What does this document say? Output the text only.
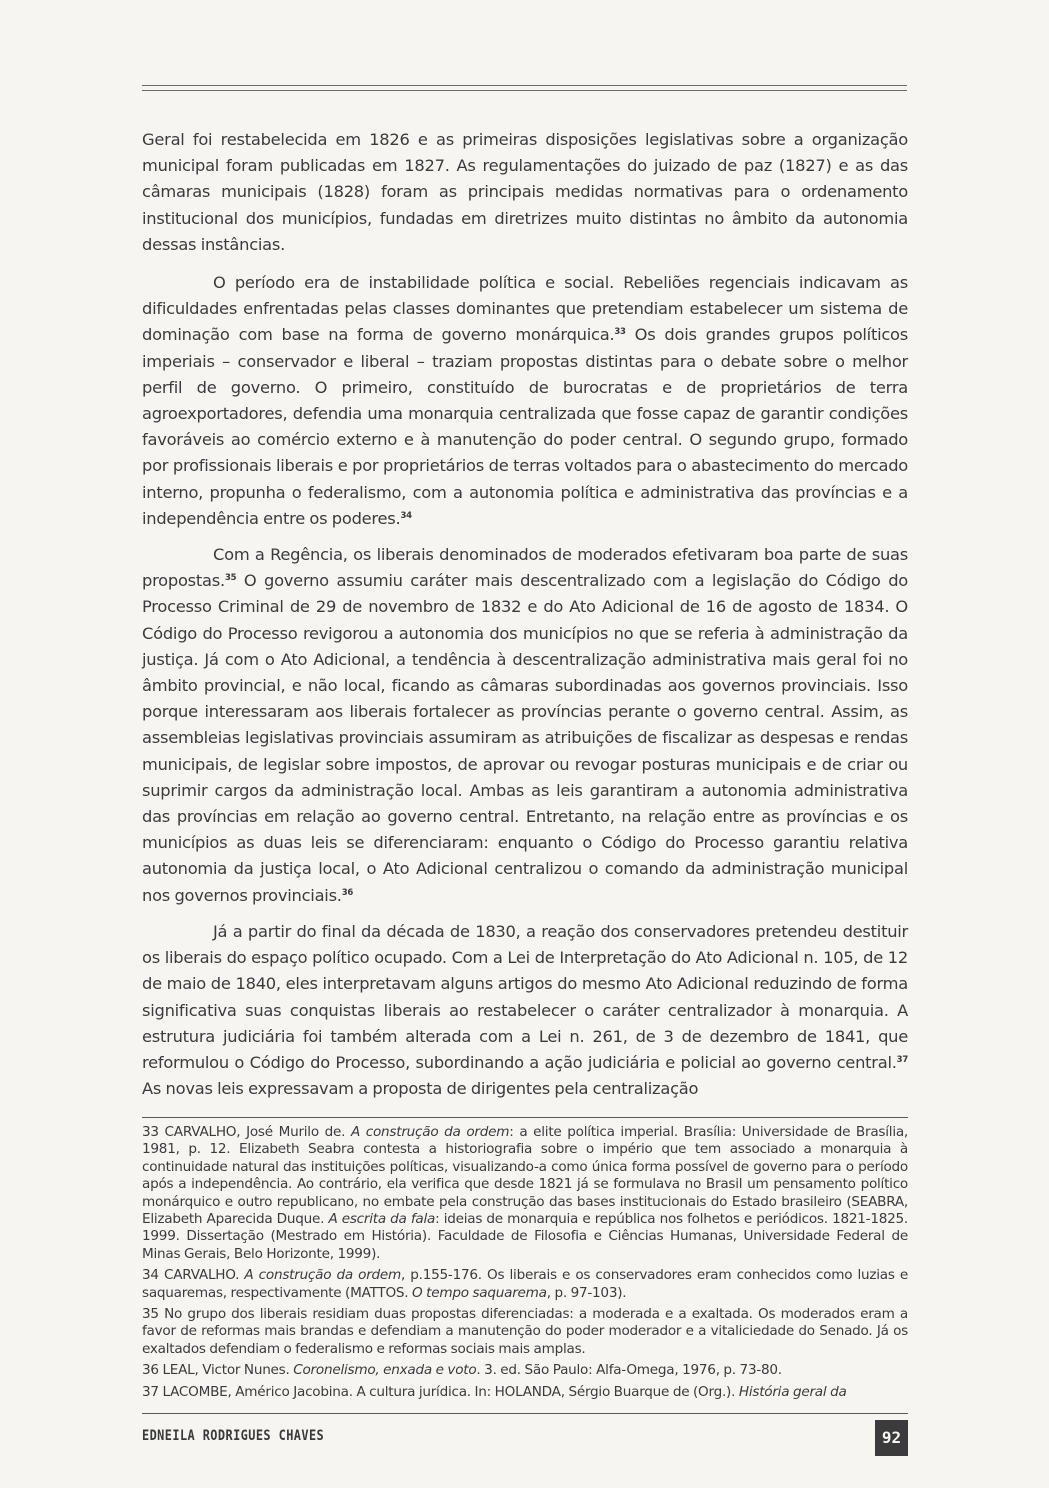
Geral foi restabelecida em 1826 e as primeiras disposições legislativas sobre a organização municipal foram publicadas em 1827. As regulamentações do juizado de paz (1827) e as das câmaras municipais (1828) foram as principais medidas normativas para o ordenamento institucional dos municípios, fundadas em diretrizes muito distintas no âmbito da autonomia dessas instâncias.

O período era de instabilidade política e social. Rebeliões regenciais indicavam as dificuldades enfrentadas pelas classes dominantes que pretendiam estabelecer um sistema de dominação com base na forma de governo monárquica.$^{33}$ Os dois grandes grupos políticos imperiais – conservador e liberal – traziam propostas distintas para o debate sobre o melhor perfil de governo. O primeiro, constituído de burocratas e de proprietários de terra agroexportadores, defendia uma monarquia centralizada que fosse capaz de garantir condições favoráveis ao comércio externo e à manutenção do poder central. O segundo grupo, formado por profissionais liberais e por proprietários de terras voltados para o abastecimento do mercado interno, propunha o federalismo, com a autonomia política e administrativa das províncias e a independência entre os poderes.$^{34}$

Com a Regência, os liberais denominados de moderados efetivaram boa parte de suas propostas.$^{35}$ O governo assumiu caráter mais descentralizado com a legislação do Código do Processo Criminal de 29 de novembro de 1832 e do Ato Adicional de 16 de agosto de 1834. O Código do Processo revigorou a autonomia dos municípios no que se referia à administração da justiça. Já com o Ato Adicional, a tendência à descentralização administrativa mais geral foi no âmbito provincial, e não local, ficando as câmaras subordinadas aos governos provinciais. Isso porque interessaram aos liberais fortalecer as províncias perante o governo central. Assim, as assembleias legislativas provinciais assumiram as atribuições de fiscalizar as despesas e rendas municipais, de legislar sobre impostos, de aprovar ou revogar posturas municipais e de criar ou suprimir cargos da administração local. Ambas as leis garantiram a autonomia administrativa das províncias em relação ao governo central. Entretanto, na relação entre as províncias e os municípios as duas leis se diferenciaram: enquanto o Código do Processo garantiu relativa autonomia da justiça local, o Ato Adicional centralizou o comando da administração municipal nos governos provinciais.$^{36}$

Já a partir do final da década de 1830, a reação dos conservadores pretendeu destituir os liberais do espaço político ocupado. Com a Lei de Interpretação do Ato Adicional n. 105, de 12 de maio de 1840, eles interpretavam alguns artigos do mesmo Ato Adicional reduzindo de forma significativa suas conquistas liberais ao restabelecer o caráter centralizador à monarquia. A estrutura judiciária foi também alterada com a Lei n. 261, de 3 de dezembro de 1841, que reformulou o Código do Processo, subordinando a ação judiciária e policial ao governo central.$^{37}$ As novas leis expressavam a proposta de dirigentes pela centralização

33 CARVALHO, José Murilo de. A construção da ordem: a elite política imperial. Brasília: Universidade de Brasília, 1981, p. 12. Elizabeth Seabra contesta a historiografia sobre o império que tem associado a monarquia à continuidade natural das instituições políticas, visualizando-a como única forma possível de governo para o período após a independência. Ao contrário, ela verifica que desde 1821 já se formulava no Brasil um pensamento político monárquico e outro republicano, no embate pela construção das bases institucionais do Estado brasileiro (SEABRA, Elizabeth Aparecida Duque. A escrita da fala: ideias de monarquia e república nos folhetos e periódicos. 1821-1825. 1999. Dissertação (Mestrado em História). Faculdade de Filosofia e Ciências Humanas, Universidade Federal de Minas Gerais, Belo Horizonte, 1999).

34 CARVALHO. A construção da ordem, p.155-176. Os liberais e os conservadores eram conhecidos como luzias e saquaremas, respectivamente (MATTOS. O tempo saquarema, p. 97-103).

35 No grupo dos liberais residiam duas propostas diferenciadas: a moderada e a exaltada. Os moderados eram a favor de reformas mais brandas e defendiam a manutenção do poder moderador e a vitaliciedade do Senado. Já os exaltados defendiam o federalismo e reformas sociais mais amplas.

36 LEAL, Victor Nunes. Coronelismo, enxada e voto. 3. ed. São Paulo: Alfa-Omega, 1976, p. 73-80.

37 LACOMBE, Américo Jacobina. A cultura jurídica. In: HOLANDA, Sérgio Buarque de (Org.). História geral da

EDNEILA RODRIGUES CHAVES	92
